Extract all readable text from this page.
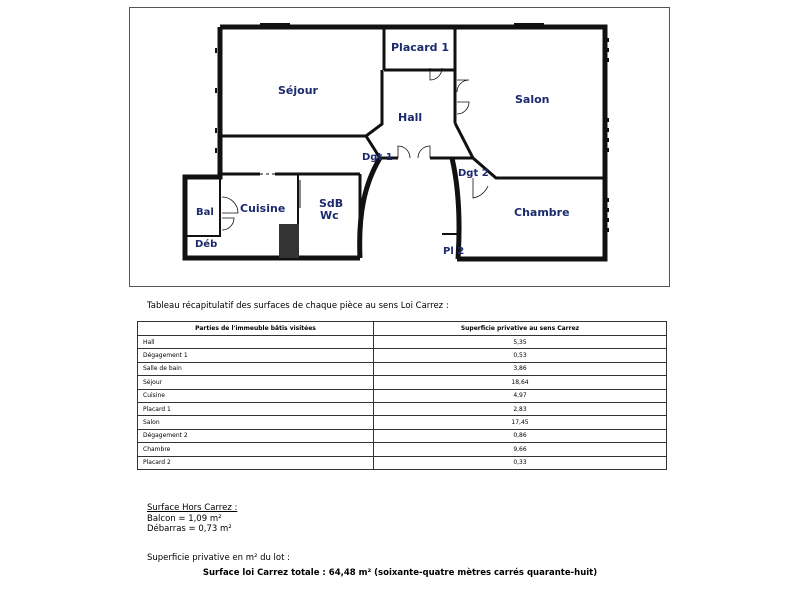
Séjour
Placard 1
Salon
Hall
Dgt 1
Dgt 2
Cuisine	SdB
Wc
Bal
Déb
Chambre
Pl 2
Tableau récapitulatif des surfaces de chaque pièce au sens Loi Carrez :
Parties de l'immeuble bâtis visitées	Superficie privative au sens Carrez
Hall	5,35
Dégagement 1	0,53
Salle de bain	3,86
Séjour	18,64
Cuisine	4,97
Placard 1	2,83
Salon	17,45
Dégagement 2	0,86
Chambre	9,66
Placard 2	0,33
Surface Hors Carrez :
Balcon = 1,09 m²
Débarras = 0,73 m²
Superficie privative en m² du lot :
Surface loi Carrez totale : 64,48 m² (soixante-quatre mètres carrés quarante-huit)
